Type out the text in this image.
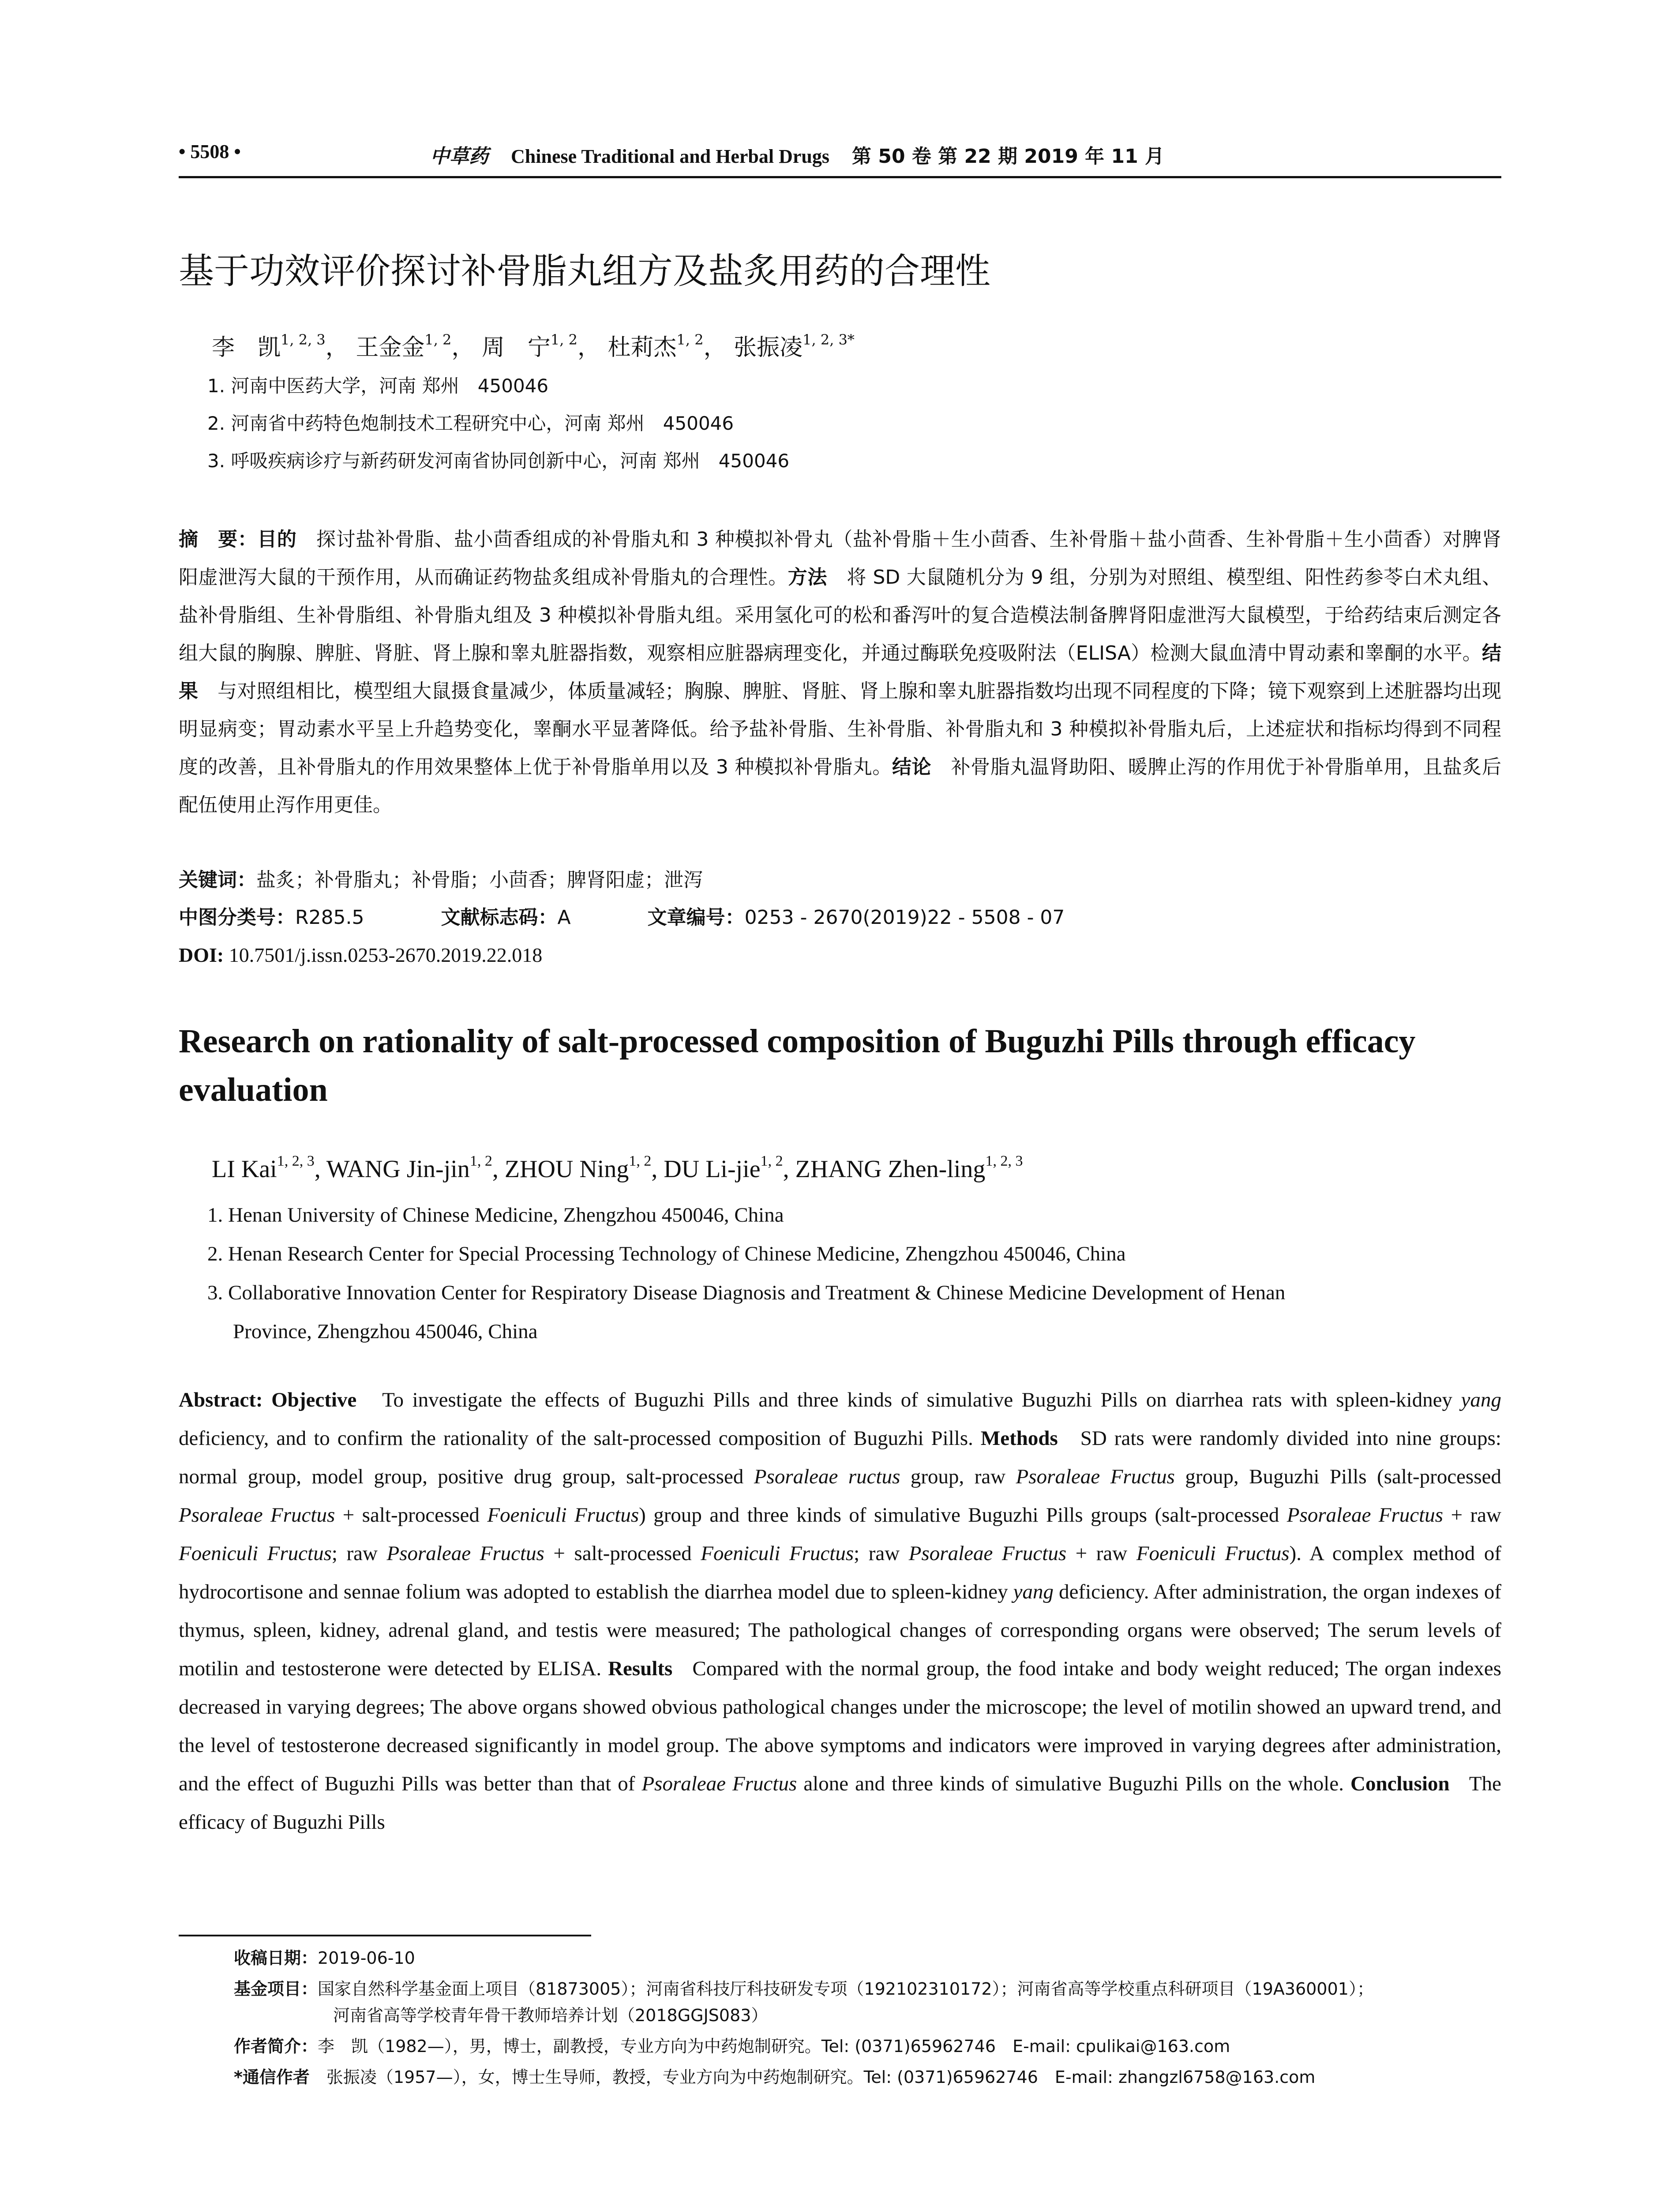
• 5508 •	中草药 Chinese Traditional and Herbal Drugs 第 50 卷 第 22 期 2019 年 11 月
基于功效评价探讨补骨脂丸组方及盐炙用药的合理性
李　凯$^{1, 2, 3}$， 王金金$^{1, 2}$， 周　宁$^{1, 2}$， 杜莉杰$^{1, 2}$， 张振凌$^{1, 2, 3*}$
1. 河南中医药大学，河南 郑州　450046
2. 河南省中药特色炮制技术工程研究中心，河南 郑州　450046
3. 呼吸疾病诊疗与新药研发河南省协同创新中心，河南 郑州　450046
摘　要：目的　探讨盐补骨脂、盐小茴香组成的补骨脂丸和 3 种模拟补骨丸（盐补骨脂＋生小茴香、生补骨脂＋盐小茴香、生补骨脂＋生小茴香）对脾肾阳虚泄泻大鼠的干预作用，从而确证药物盐炙组成补骨脂丸的合理性。方法　将 SD 大鼠随机分为 9 组，分别为对照组、模型组、阳性药参苓白术丸组、盐补骨脂组、生补骨脂组、补骨脂丸组及 3 种模拟补骨脂丸组。采用氢化可的松和番泻叶的复合造模法制备脾肾阳虚泄泻大鼠模型，于给药结束后测定各组大鼠的胸腺、脾脏、肾脏、肾上腺和睾丸脏器指数，观察相应脏器病理变化，并通过酶联免疫吸附法（ELISA）检测大鼠血清中胃动素和睾酮的水平。结果　与对照组相比，模型组大鼠摄食量减少，体质量减轻；胸腺、脾脏、肾脏、肾上腺和睾丸脏器指数均出现不同程度的下降；镜下观察到上述脏器均出现明显病变；胃动素水平呈上升趋势变化，睾酮水平显著降低。给予盐补骨脂、生补骨脂、补骨脂丸和 3 种模拟补骨脂丸后，上述症状和指标均得到不同程度的改善，且补骨脂丸的作用效果整体上优于补骨脂单用以及 3 种模拟补骨脂丸。结论　补骨脂丸温肾助阳、暖脾止泻的作用优于补骨脂单用，且盐炙后配伍使用止泻作用更佳。
关键词：盐炙；补骨脂丸；补骨脂；小茴香；脾肾阳虚；泄泻
中图分类号：R285.5	文献标志码：A	文章编号：0253 - 2670(2019)22 - 5508 - 07
DOI: 10.7501/j.issn.0253-2670.2019.22.018
Research on rationality of salt-processed composition of Buguzhi Pills through efficacy evaluation
LI Kai$^{1, 2, 3}$, WANG Jin-jin$^{1, 2}$, ZHOU Ning$^{1, 2}$, DU Li-jie$^{1, 2}$, ZHANG Zhen-ling$^{1, 2, 3}$
1. Henan University of Chinese Medicine, Zhengzhou 450046, China
2. Henan Research Center for Special Processing Technology of Chinese Medicine, Zhengzhou 450046, China
3. Collaborative Innovation Center for Respiratory Disease Diagnosis and Treatment & Chinese Medicine Development of Henan
Province, Zhengzhou 450046, China
Abstract: Objective To investigate the effects of Buguzhi Pills and three kinds of simulative Buguzhi Pills on diarrhea rats with spleen-kidney yang deficiency, and to confirm the rationality of the salt-processed composition of Buguzhi Pills. Methods SD rats were randomly divided into nine groups: normal group, model group, positive drug group, salt-processed Psoraleae ructus group, raw Psoraleae Fructus group, Buguzhi Pills (salt-processed Psoraleae Fructus + salt-processed Foeniculi Fructus) group and three kinds of simulative Buguzhi Pills groups (salt-processed Psoraleae Fructus + raw Foeniculi Fructus; raw Psoraleae Fructus + salt-processed Foeniculi Fructus; raw Psoraleae Fructus + raw Foeniculi Fructus). A complex method of hydrocortisone and sennae folium was adopted to establish the diarrhea model due to spleen-kidney yang deficiency. After administration, the organ indexes of thymus, spleen, kidney, adrenal gland, and testis were measured; The pathological changes of corresponding organs were observed; The serum levels of motilin and testosterone were detected by ELISA. Results Compared with the normal group, the food intake and body weight reduced; The organ indexes decreased in varying degrees; The above organs showed obvious pathological changes under the microscope; the level of motilin showed an upward trend, and the level of testosterone decreased significantly in model group. The above symptoms and indicators were improved in varying degrees after administration, and the effect of Buguzhi Pills was better than that of Psoraleae Fructus alone and three kinds of simulative Buguzhi Pills on the whole. Conclusion The efficacy of Buguzhi Pills
收稿日期：2019-06-10
基金项目：国家自然科学基金面上项目（81873005）；河南省科技厅科技研发专项（192102310172）；河南省高等学校重点科研项目（19A360001）；
河南省高等学校青年骨干教师培养计划（2018GGJS083）
作者简介：李　凯（1982—），男，博士，副教授，专业方向为中药炮制研究。Tel: (0371)65962746　E-mail: cpulikai@163.com
*通信作者　张振凌（1957—），女，博士生导师，教授，专业方向为中药炮制研究。Tel: (0371)65962746　E-mail: zhangzl6758@163.com
